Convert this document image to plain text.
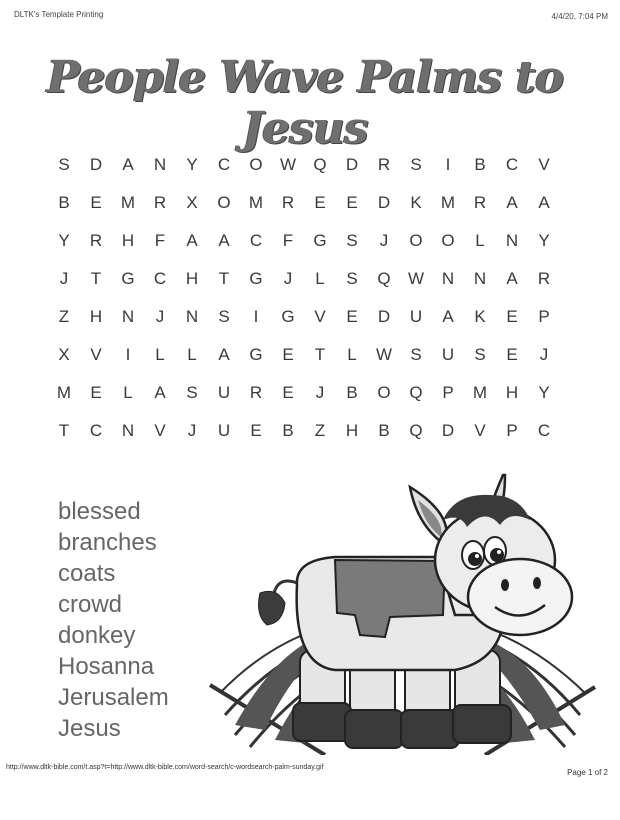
DLTK's Template Printing	4/4/20, 7:04 PM
People Wave Palms to Jesus
S	D	A	N	Y	C	O	W	Q	D	R	S	I	B	C	V
B	E	M	R	X	O	M	R	E	E	D	K	M	R	A	A
Y	R	H	F	A	A	C	F	G	S	J	O	O	L	N	Y
J	T	G	C	H	T	G	J	L	S	Q	W	N	N	A	R
Z	H	N	J	N	S	I	G	V	E	D	U	A	K	E	P
X	V	I	L	L	A	G	E	T	L	W	S	U	S	E	J
M	E	L	A	S	U	R	E	J	B	O	Q	P	M	H	Y
T	C	N	V	J	U	E	B	Z	H	B	Q	D	V	P	C
blessed
branches
coats
crowd
donkey
Hosanna
Jerusalem
Jesus
http://www.dltk-bible.com/t.asp?t=http://www.dltk-bible.com/word-search/c-wordsearch-palm-sunday.gif
Page 1 of 2
